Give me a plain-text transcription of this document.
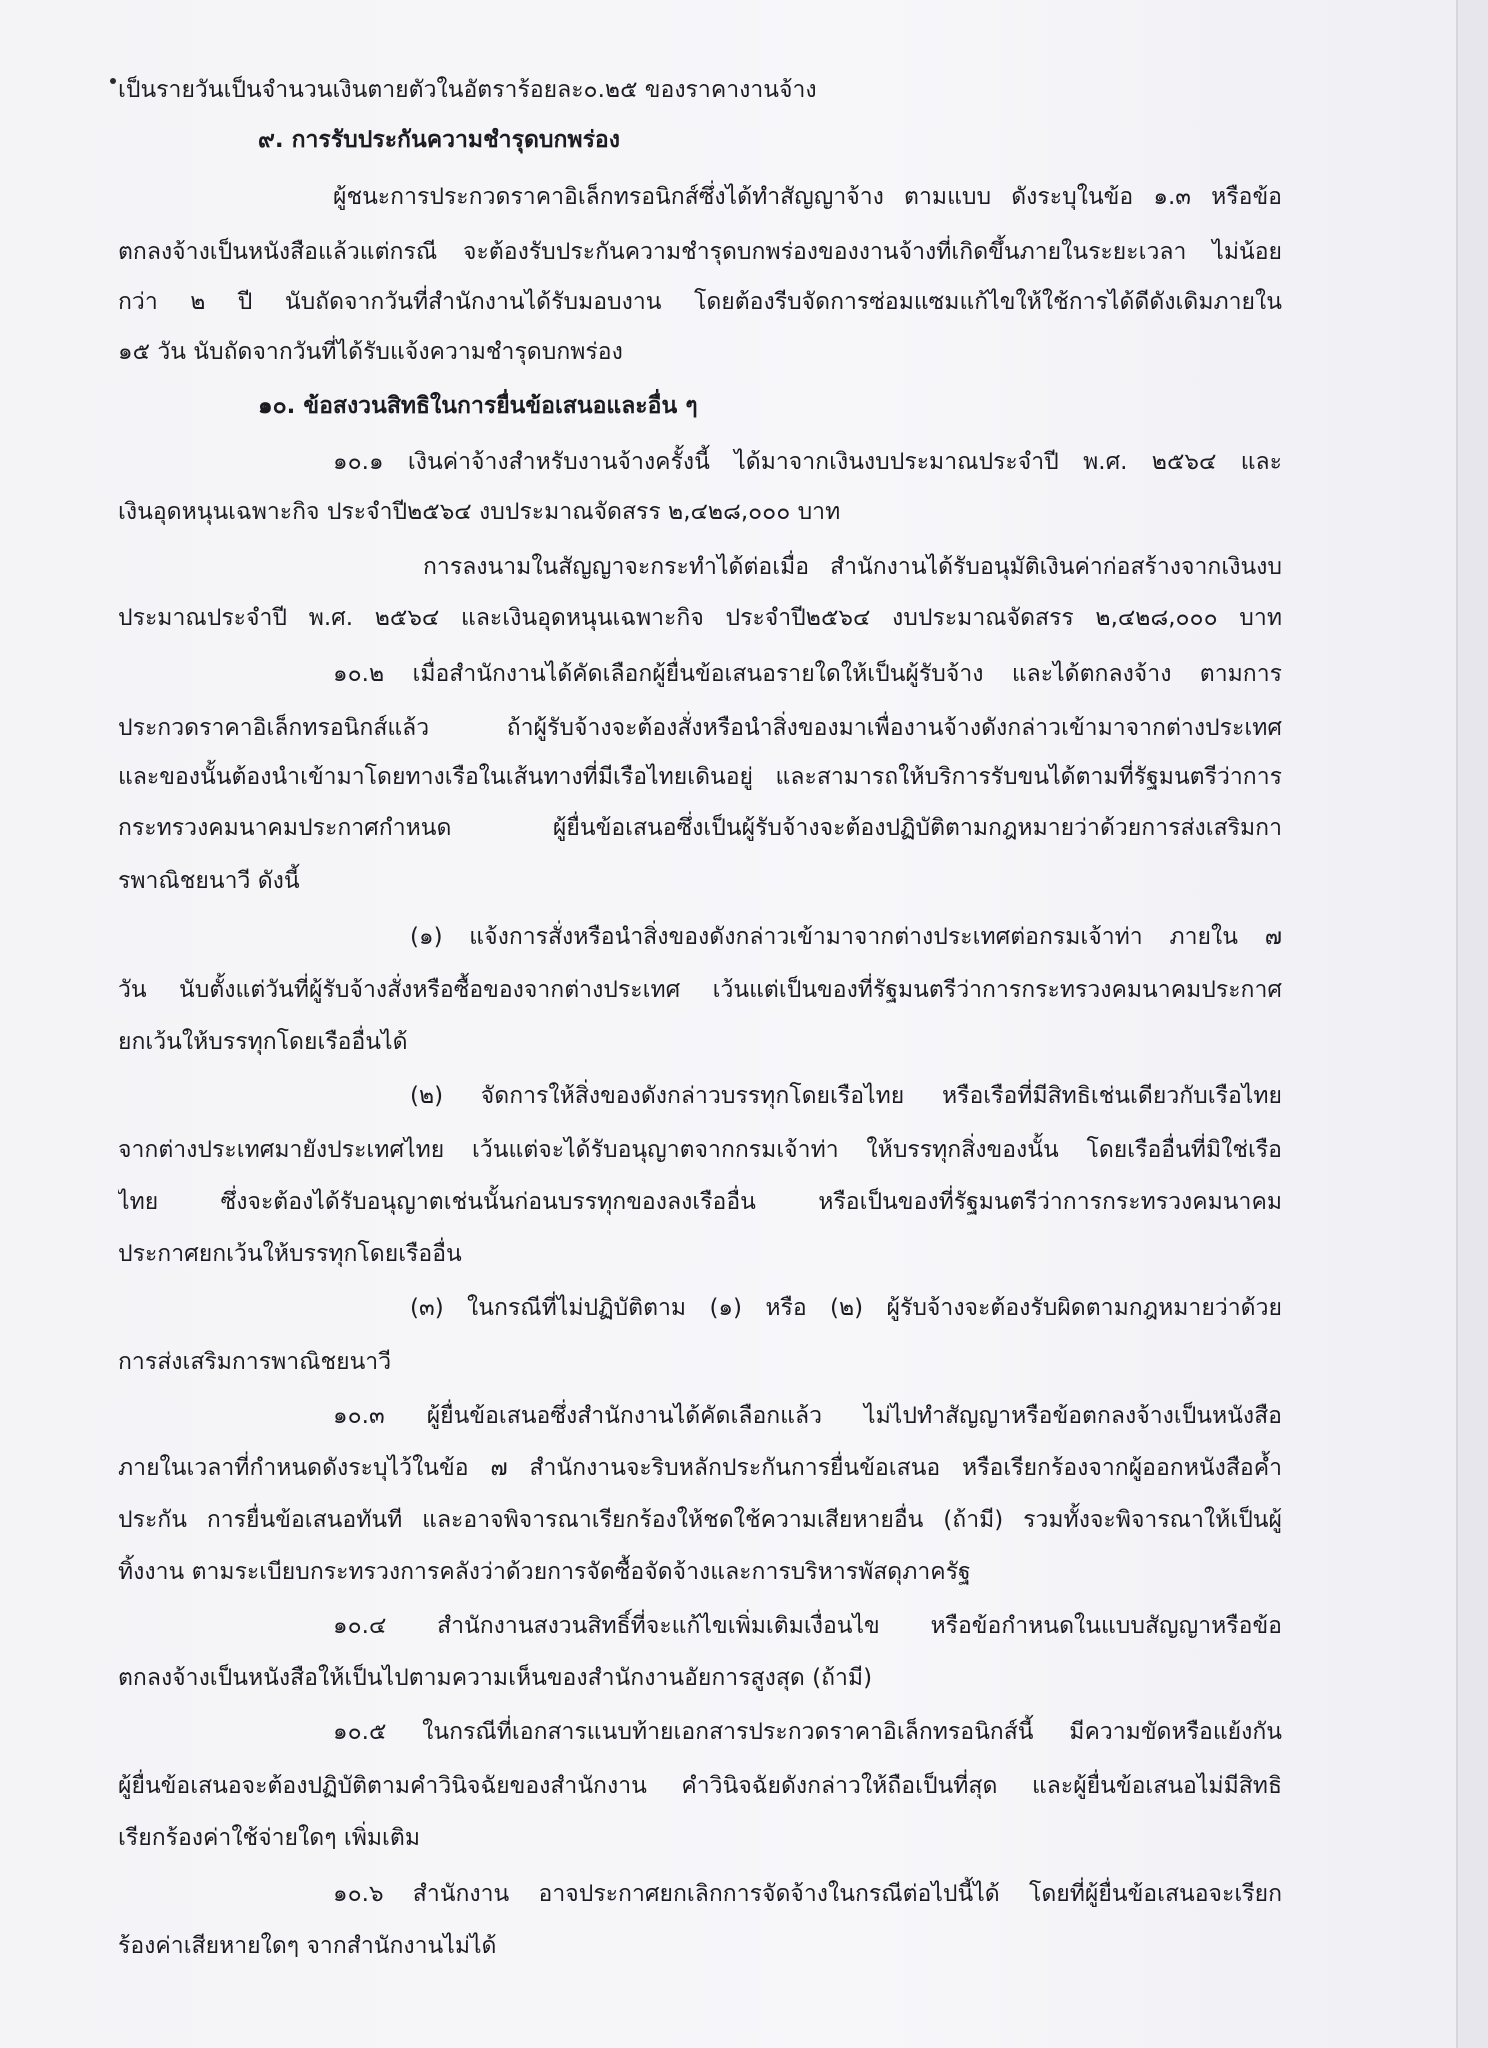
เป็นรายวันเป็นจำนวนเงินตายตัวในอัตราร้อยละ๐.๒๕ ของราคางานจ้าง
๙. การรับประกันความชำรุดบกพร่อง
ผู้ชนะการประกวดราคาอิเล็กทรอนิกส์ซึ่งได้ทำสัญญาจ้าง ตามแบบ ดังระบุในข้อ ๑.๓ หรือข้อ
ตกลงจ้างเป็นหนังสือแล้วแต่กรณี จะต้องรับประกันความชำรุดบกพร่องของงานจ้างที่เกิดขึ้นภายในระยะเวลา ไม่น้อย
กว่า ๒ ปี นับถัดจากวันที่สำนักงานได้รับมอบงาน โดยต้องรีบจัดการซ่อมแซมแก้ไขให้ใช้การได้ดีดังเดิมภายใน
๑๕ วัน นับถัดจากวันที่ได้รับแจ้งความชำรุดบกพร่อง
๑๐. ข้อสงวนสิทธิในการยื่นข้อเสนอและอื่น ๆ
๑๐.๑ เงินค่าจ้างสำหรับงานจ้างครั้งนี้ ได้มาจากเงินงบประมาณประจำปี พ.ศ. ๒๕๖๔ และ
เงินอุดหนุนเฉพาะกิจ ประจำปี๒๕๖๔ งบประมาณจัดสรร ๒,๔๒๘,๐๐๐ บาท
การลงนามในสัญญาจะกระทำได้ต่อเมื่อ สำนักงานได้รับอนุมัติเงินค่าก่อสร้างจากเงินงบ
ประมาณประจำปี พ.ศ. ๒๕๖๔ และเงินอุดหนุนเฉพาะกิจ ประจำปี๒๕๖๔ งบประมาณจัดสรร ๒,๔๒๘,๐๐๐ บาท
๑๐.๒ เมื่อสำนักงานได้คัดเลือกผู้ยื่นข้อเสนอรายใดให้เป็นผู้รับจ้าง และได้ตกลงจ้าง ตามการ
ประกวดราคาอิเล็กทรอนิกส์แล้ว ถ้าผู้รับจ้างจะต้องสั่งหรือนำสิ่งของมาเพื่องานจ้างดังกล่าวเข้ามาจากต่างประเทศ
และของนั้นต้องนำเข้ามาโดยทางเรือในเส้นทางที่มีเรือไทยเดินอยู่ และสามารถให้บริการรับขนได้ตามที่รัฐมนตรีว่าการ
กระทรวงคมนาคมประกาศกำหนด ผู้ยื่นข้อเสนอซึ่งเป็นผู้รับจ้างจะต้องปฏิบัติตามกฎหมายว่าด้วยการส่งเสริมกา
รพาณิชยนาวี ดังนี้
(๑) แจ้งการสั่งหรือนำสิ่งของดังกล่าวเข้ามาจากต่างประเทศต่อกรมเจ้าท่า ภายใน ๗
วัน นับตั้งแต่วันที่ผู้รับจ้างสั่งหรือซื้อของจากต่างประเทศ เว้นแต่เป็นของที่รัฐมนตรีว่าการกระทรวงคมนาคมประกาศ
ยกเว้นให้บรรทุกโดยเรืออื่นได้
(๒) จัดการให้สิ่งของดังกล่าวบรรทุกโดยเรือไทย หรือเรือที่มีสิทธิเช่นเดียวกับเรือไทย
จากต่างประเทศมายังประเทศไทย เว้นแต่จะได้รับอนุญาตจากกรมเจ้าท่า ให้บรรทุกสิ่งของนั้น โดยเรืออื่นที่มิใช่เรือ
ไทย ซึ่งจะต้องได้รับอนุญาตเช่นนั้นก่อนบรรทุกของลงเรืออื่น หรือเป็นของที่รัฐมนตรีว่าการกระทรวงคมนาคม
ประกาศยกเว้นให้บรรทุกโดยเรืออื่น
(๓) ในกรณีที่ไม่ปฏิบัติตาม (๑) หรือ (๒) ผู้รับจ้างจะต้องรับผิดตามกฎหมายว่าด้วย
การส่งเสริมการพาณิชยนาวี
๑๐.๓ ผู้ยื่นข้อเสนอซึ่งสำนักงานได้คัดเลือกแล้ว ไม่ไปทำสัญญาหรือข้อตกลงจ้างเป็นหนังสือ
ภายในเวลาที่กำหนดดังระบุไว้ในข้อ ๗ สำนักงานจะริบหลักประกันการยื่นข้อเสนอ หรือเรียกร้องจากผู้ออกหนังสือค้ำ
ประกัน การยื่นข้อเสนอทันที และอาจพิจารณาเรียกร้องให้ชดใช้ความเสียหายอื่น (ถ้ามี) รวมทั้งจะพิจารณาให้เป็นผู้
ทิ้งงาน ตามระเบียบกระทรวงการคลังว่าด้วยการจัดซื้อจัดจ้างและการบริหารพัสดุภาครัฐ
๑๐.๔ สำนักงานสงวนสิทธิ์ที่จะแก้ไขเพิ่มเติมเงื่อนไข หรือข้อกำหนดในแบบสัญญาหรือข้อ
ตกลงจ้างเป็นหนังสือให้เป็นไปตามความเห็นของสำนักงานอัยการสูงสุด (ถ้ามี)
๑๐.๕ ในกรณีที่เอกสารแนบท้ายเอกสารประกวดราคาอิเล็กทรอนิกส์นี้ มีความขัดหรือแย้งกัน
ผู้ยื่นข้อเสนอจะต้องปฏิบัติตามคำวินิจฉัยของสำนักงาน คำวินิจฉัยดังกล่าวให้ถือเป็นที่สุด และผู้ยื่นข้อเสนอไม่มีสิทธิ
เรียกร้องค่าใช้จ่ายใดๆ เพิ่มเติม
๑๐.๖ สำนักงาน อาจประกาศยกเลิกการจัดจ้างในกรณีต่อไปนี้ได้ โดยที่ผู้ยื่นข้อเสนอจะเรียก
ร้องค่าเสียหายใดๆ จากสำนักงานไม่ได้
